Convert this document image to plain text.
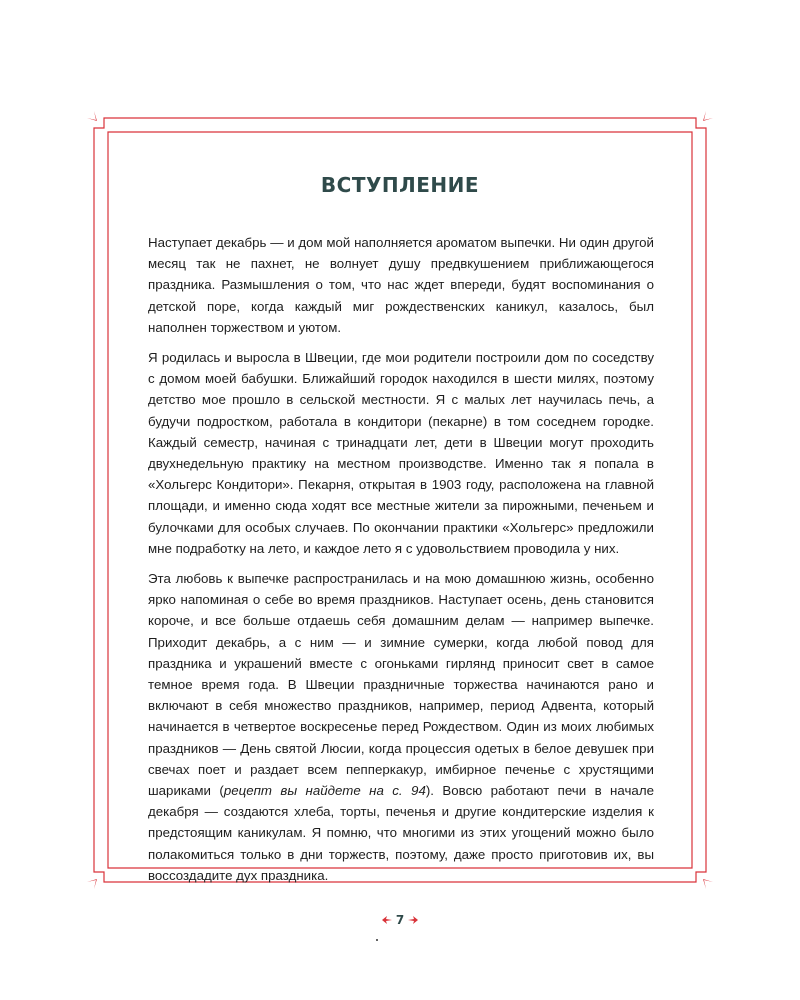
ВСТУПЛЕНИЕ

Наступает декабрь — и дом мой наполняется ароматом выпечки. Ни один другой месяц так не пахнет, не волнует душу предвкушением приближающегося праздника. Размышления о том, что нас ждет впереди, будят воспоминания о детской поре, когда каждый миг рождественских каникул, казалось, был наполнен торжеством и уютом.

Я родилась и выросла в Швеции, где мои родители построили дом по соседству с домом моей бабушки. Ближайший городок находился в шести милях, поэтому детство мое прошло в сельской местности. Я с малых лет научилась печь, а будучи подростком, работала в кондитори (пекарне) в том соседнем городке. Каждый семестр, начиная с тринадцати лет, дети в Швеции могут проходить двухнедельную практику на местном производстве. Именно так я попала в «Хольгерс Кондитори». Пекарня, открытая в 1903 году, расположена на главной площади, и именно сюда ходят все местные жители за пирожными, печеньем и булочками для особых случаев. По окончании практики «Хольгерс» предложили мне подработку на лето, и каждое лето я с удовольствием проводила у них.

Эта любовь к выпечке распространилась и на мою домашнюю жизнь, особенно ярко напоминая о себе во время праздников. Наступает осень, день становится короче, и все больше отдаешь себя домашним делам — например выпечке. Приходит декабрь, а с ним — и зимние сумерки, когда любой повод для праздника и украшений вместе с огоньками гирлянд приносит свет в самое темное время года. В Швеции праздничные торжества начинаются рано и включают в себя множество праздников, например, период Адвента, который начинается в четвертое воскресенье перед Рождеством. Один из моих любимых праздников — День святой Люсии, когда процессия одетых в белое девушек при свечах поет и раздает всем пепперкакур, имбирное печенье с хрустящими шариками (рецепт вы найдете на с. 94). Вовсю работают печи в начале декабря — создаются хлеба, торты, печенья и другие кондитерские изделия к предстоящим каникулам. Я помню, что многими из этих угощений можно было полакомиться только в дни торжеств, поэтому, даже просто приготовив их, вы воссоздадите дух праздника.

7
